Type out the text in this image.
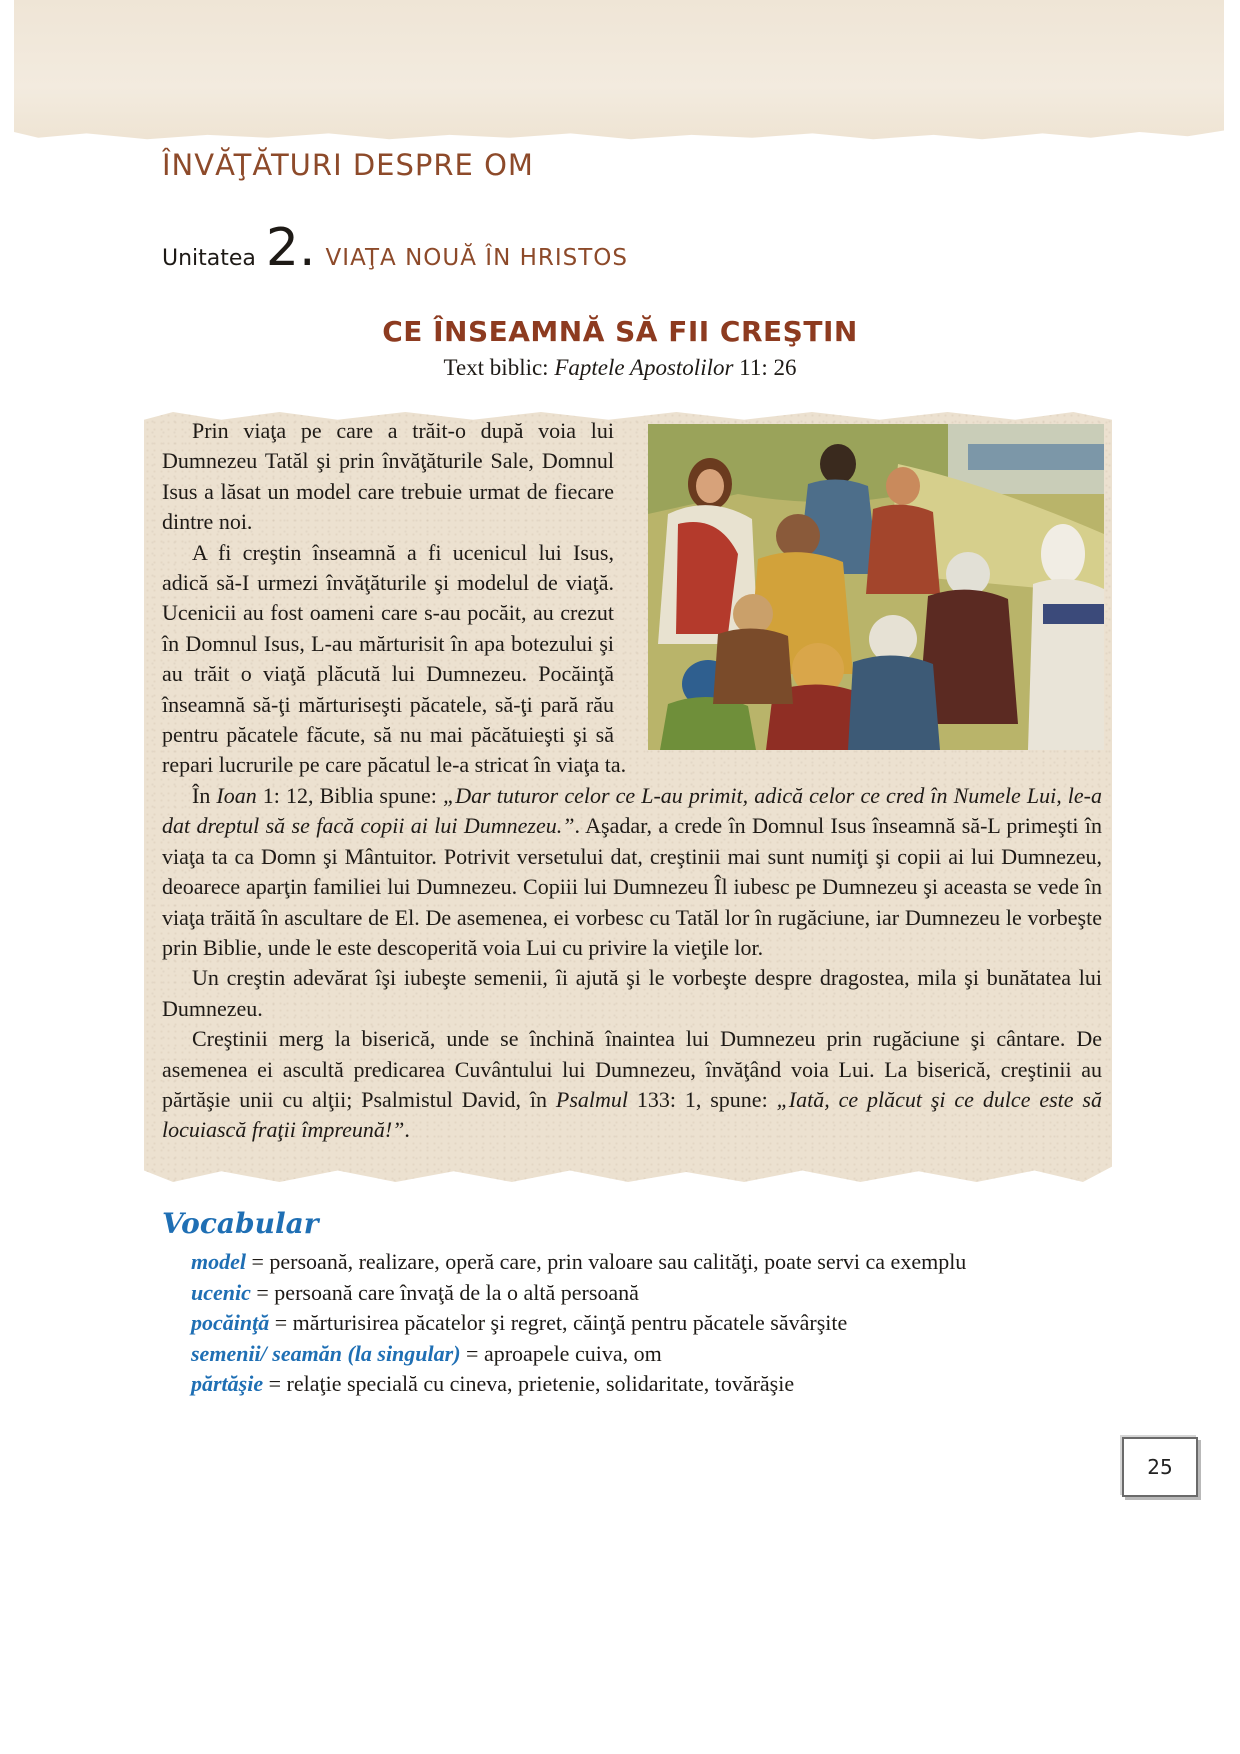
ÎNVĂŢĂTURI DESPRE OM
Unitatea 2. VIAŢA NOUĂ ÎN HRISTOS
CE ÎNSEAMNĂ SĂ FII CREŞTIN
Text biblic: Faptele Apostolilor 11: 26

Prin viaţa pe care a trăit-o după voia lui Dumnezeu Tatăl şi prin învăţăturile Sale, Domnul Isus a lăsat un model care trebuie urmat de fiecare dintre noi.

A fi creştin înseamnă a fi ucenicul lui Isus, adică să-I urmezi învăţăturile şi modelul de viaţă. Ucenicii au fost oameni care s-au pocăit, au crezut în Domnul Isus, L-au mărturisit în apa botezului şi au trăit o viaţă plăcută lui Dumnezeu. Pocăinţă înseamnă să-ţi mărturiseşti păcatele, să-ţi pară rău pentru păcatele făcute, să nu mai păcătuieşti şi să repari lucrurile pe care păcatul le-a stricat în viaţa ta.

În Ioan 1: 12, Biblia spune: „Dar tuturor celor ce L-au primit, adică celor ce cred în Numele Lui, le-a dat dreptul să se facă copii ai lui Dumnezeu.”. Aşadar, a crede în Domnul Isus înseamnă să-L primeşti în viaţa ta ca Domn şi Mântuitor. Potrivit versetului dat, creştinii mai sunt numiţi şi copii ai lui Dumnezeu, deoarece aparţin familiei lui Dumnezeu. Copiii lui Dumnezeu Îl iubesc pe Dumnezeu şi aceasta se vede în viaţa trăită în ascultare de El. De asemenea, ei vorbesc cu Tatăl lor în rugăciune, iar Dumnezeu le vorbeşte prin Biblie, unde le este descoperită voia Lui cu privire la vieţile lor.

Un creştin adevărat îşi iubeşte semenii, îi ajută şi le vorbeşte despre dragostea, mila şi bunătatea lui Dumnezeu.

Creştinii merg la biserică, unde se închină înaintea lui Dumnezeu prin rugăciune şi cântare. De asemenea ei ascultă predicarea Cuvântului lui Dumnezeu, învăţând voia Lui. La biserică, creştinii au părtăşie unii cu alţii; Psalmistul David, în Psalmul 133: 1, spune: „Iată, ce plăcut şi ce dulce este să locuiască fraţii împreună!”.

Vocabular
model = persoană, realizare, operă care, prin valoare sau calităţi, poate servi ca exemplu
ucenic = persoană care învaţă de la o altă persoană
pocăinţă = mărturisirea păcatelor şi regret, căinţă pentru păcatele săvârşite
semenii/ seamăn (la singular) = aproapele cuiva, om
părtăşie = relaţie specială cu cineva, prietenie, solidaritate, tovărăşie
25
